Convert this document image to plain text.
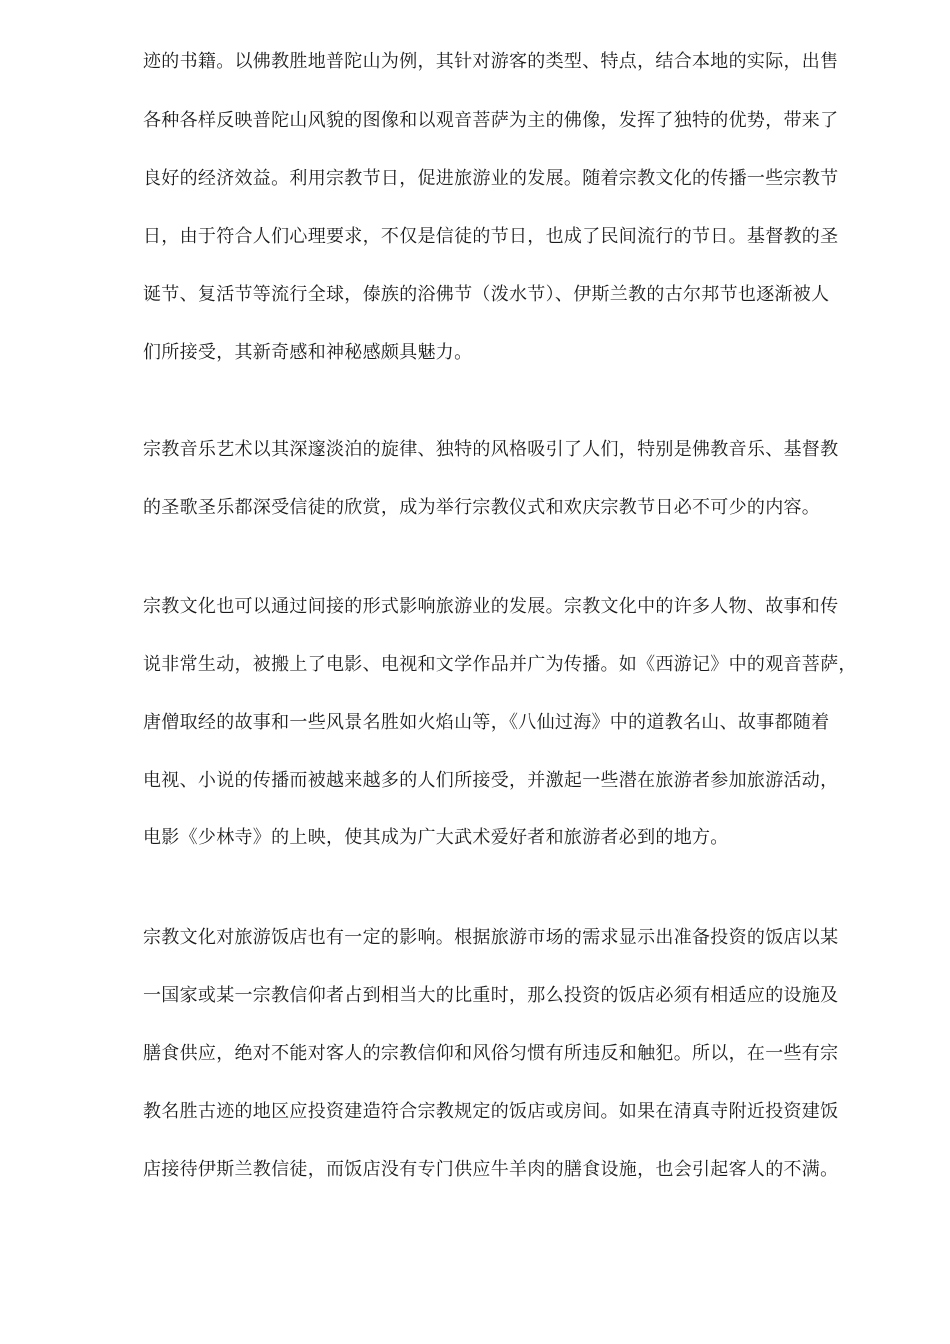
迹的书籍。以佛教胜地普陀山为例，其针对游客的类型、特点，结合本地的实际，出售

各种各样反映普陀山风貌的图像和以观音菩萨为主的佛像，发挥了独特的优势，带来了

良好的经济效益。利用宗教节日，促进旅游业的发展。随着宗教文化的传播一些宗教节

日，由于符合人们心理要求，不仅是信徒的节日，也成了民间流行的节日。基督教的圣

诞节、复活节等流行全球，傣族的浴佛节（泼水节）、伊斯兰教的古尔邦节也逐渐被人

们所接受，其新奇感和神秘感颇具魅力。

宗教音乐艺术以其深邃淡泊的旋律、独特的风格吸引了人们，特别是佛教音乐、基督教

的圣歌圣乐都深受信徒的欣赏，成为举行宗教仪式和欢庆宗教节日必不可少的内容。

宗教文化也可以通过间接的形式影响旅游业的发展。宗教文化中的许多人物、故事和传

说非常生动，被搬上了电影、电视和文学作品并广为传播。如《西游记》中的观音菩萨，

唐僧取经的故事和一些风景名胜如火焰山等，《八仙过海》中的道教名山、故事都随着

电视、小说的传播而被越来越多的人们所接受，并激起一些潜在旅游者参加旅游活动，

电影《少林寺》的上映，使其成为广大武术爱好者和旅游者必到的地方。

宗教文化对旅游饭店也有一定的影响。根据旅游市场的需求显示出准备投资的饭店以某

一国家或某一宗教信仰者占到相当大的比重时，那么投资的饭店必须有相适应的设施及

膳食供应，绝对不能对客人的宗教信仰和风俗匀惯有所违反和触犯。所以，在一些有宗

教名胜古迹的地区应投资建造符合宗教规定的饭店或房间。如果在清真寺附近投资建饭

店接待伊斯兰教信徒，而饭店没有专门供应牛羊肉的膳食设施，也会引起客人的不满。
